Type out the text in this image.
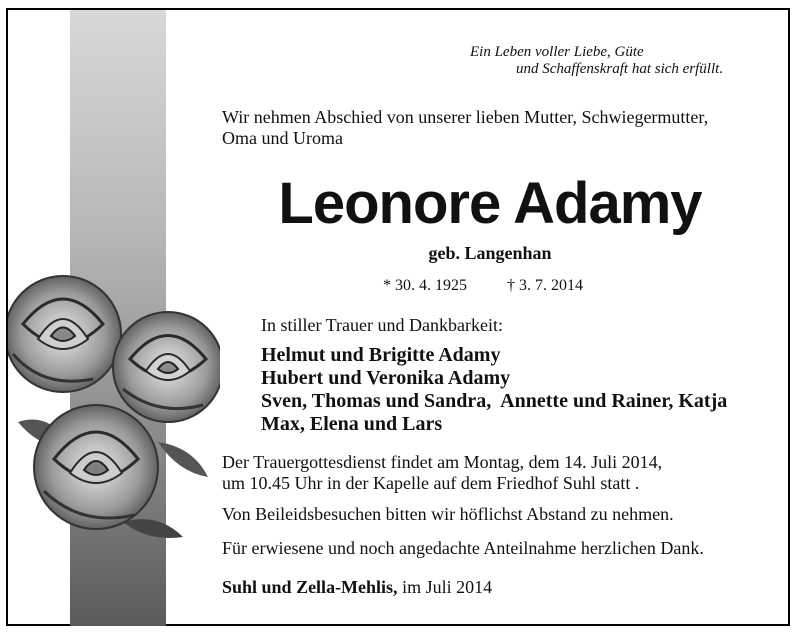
Ein Leben voller Liebe, Güte
und Schaffenskraft hat sich erfüllt.
Wir nehmen Abschied von unserer lieben Mutter, Schwiegermutter,
Oma und Uroma
Leonore Adamy
geb. Langenhan
* 30. 4. 1925	† 3. 7. 2014
In stiller Trauer und Dankbarkeit:
Helmut und Brigitte Adamy
Hubert und Veronika Adamy
Sven, Thomas und Sandra,  Annette und Rainer, Katja
Max, Elena und Lars
Der Trauergottesdienst findet am Montag, dem 14. Juli 2014,
um 10.45 Uhr in der Kapelle auf dem Friedhof Suhl statt .
Von Beileidsbesuchen bitten wir höflichst Abstand zu nehmen.
Für erwiesene und noch angedachte Anteilnahme herzlichen Dank.
Suhl und Zella-Mehlis, im Juli 2014
